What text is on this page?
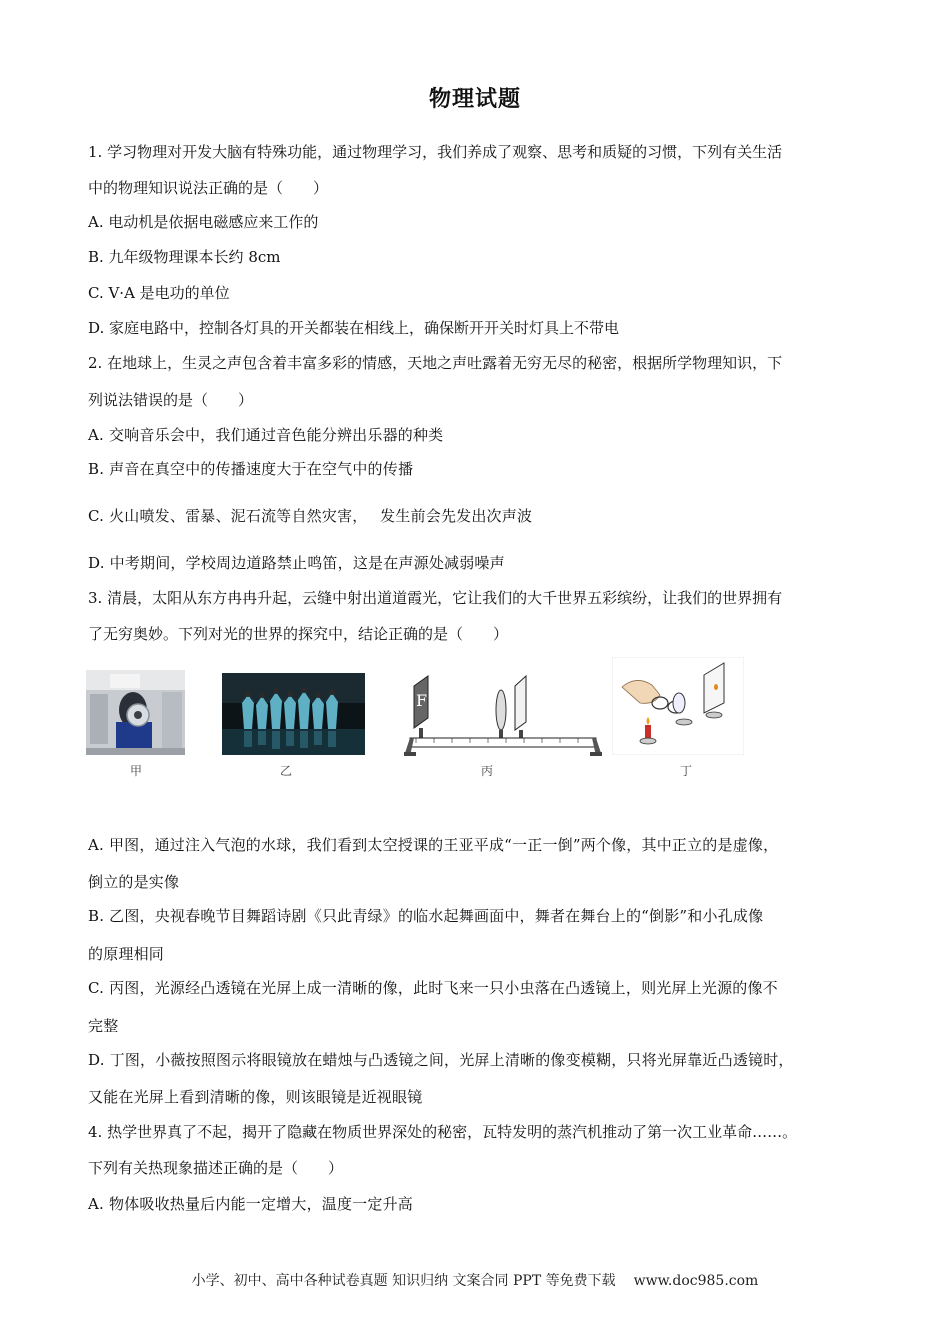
物理试题
1. 学习物理对开发大脑有特殊功能，通过物理学习，我们养成了观察、思考和质疑的习惯，下列有关生活
中的物理知识说法正确的是（　　）
A. 电动机是依据电磁感应来工作的
B. 九年级物理课本长约 8cm
C. V·A 是电功的单位
D. 家庭电路中，控制各灯具的开关都装在相线上，确保断开开关时灯具上不带电
2. 在地球上，生灵之声包含着丰富多彩的情感，天地之声吐露着无穷无尽的秘密，根据所学物理知识，下
列说法错误的是（　　）
A. 交响音乐会中，我们通过音色能分辨出乐器的种类
B. 声音在真空中的传播速度大于在空气中的传播
C. 火山喷发、雷暴、泥石流等自然灾害，　 发生前会先发出次声波
D. 中考期间，学校周边道路禁止鸣笛，这是在声源处减弱噪声
3. 清晨，太阳从东方冉冉升起，云缝中射出道道霞光，它让我们的大千世界五彩缤纷，让我们的世界拥有
了无穷奥妙。下列对光的世界的探究中，结论正确的是（　　）
甲	乙
F
丙	丁
A. 甲图，通过注入气泡的水球，我们看到太空授课的王亚平成“一正一倒”两个像，其中正立的是虚像，
倒立的是实像
B. 乙图，央视春晚节目舞蹈诗剧《只此青绿》的临水起舞画面中，舞者在舞台上的“倒影”和小孔成像
的原理相同
C. 丙图，光源经凸透镜在光屏上成一清晰的像，此时飞来一只小虫落在凸透镜上，则光屏上光源的像不
完整
D. 丁图，小薇按照图示将眼镜放在蜡烛与凸透镜之间，光屏上清晰的像变模糊，只将光屏靠近凸透镜时，
又能在光屏上看到清晰的像，则该眼镜是近视眼镜
4. 热学世界真了不起，揭开了隐藏在物质世界深处的秘密，瓦特发明的蒸汽机推动了第一次工业革命……。
下列有关热现象描述正确的是（　　）
A. 物体吸收热量后内能一定增大，温度一定升高
小学、初中、高中各种试卷真题 知识归纳 文案合同 PPT 等免费下载 www.doc985.com
